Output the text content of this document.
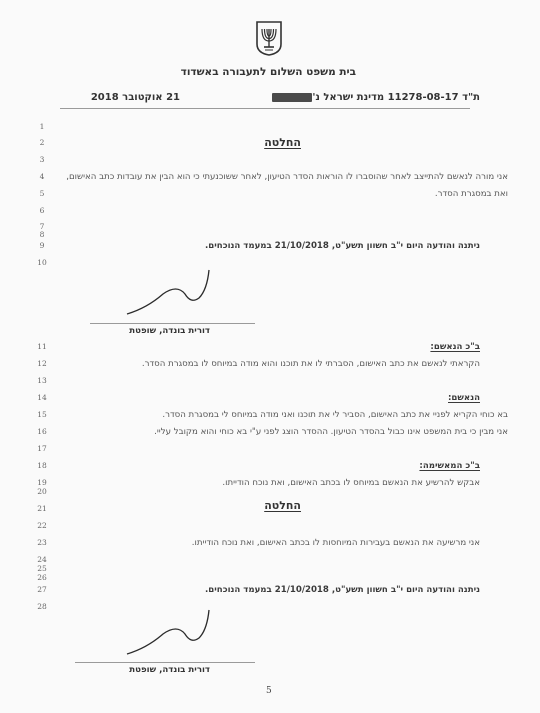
בית משפט השלום לתעבורה באשדוד
ת"ד 11278-08-17 מדינת ישראל נ'
21 אוקטובר 2018
1
2
3
4
5
6
7
8
9
10
11
12
13
14
15
16
17
18
19
20
21
22
23
24
25
26
27
28
החלטה
אני מורה לנאשם להתייצב לאחר שהוסברו לו הוראות הסדר הטיעון, לאחר ששוכנעתי כי הוא הבין את עובדות כתב האישום,
ואת במסגרת הסדר.
ניתנה והודעה היום י"ב חשוון תשע"ט, 21/10/2018 במעמד הנוכחים.
דורית בונדה, שופטת
ב"כ הנאשם:
הקראתי לנאשם את כתב האישום, הסברתי לו את תוכנו והוא מודה במיוחס לו במסגרת הסדר.
הנאשם:
בא כוחי הקריא לפניי את כתב האישום, הסביר לי את תוכנו ואני מודה במיוחס לי במסגרת הסדר.
אני מבין כי בית המשפט אינו כבול בהסדר הטיעון. ההסדר הוצג לפני ע"י בא כוחי והוא מקובל עליי.
ב"כ המאשימה:
אבקש להרשיע את הנאשם במיוחס לו בכתב האישום, ואת נוכח הודייתו.
החלטה
אני מרשיעה את הנאשם בעבירות המיוחסות לו בכתב האישום, ואת נוכח הודייתו.
ניתנה והודעה היום י"ב חשוון תשע"ט, 21/10/2018 במעמד הנוכחים.
דורית בונדה, שופטת
5
